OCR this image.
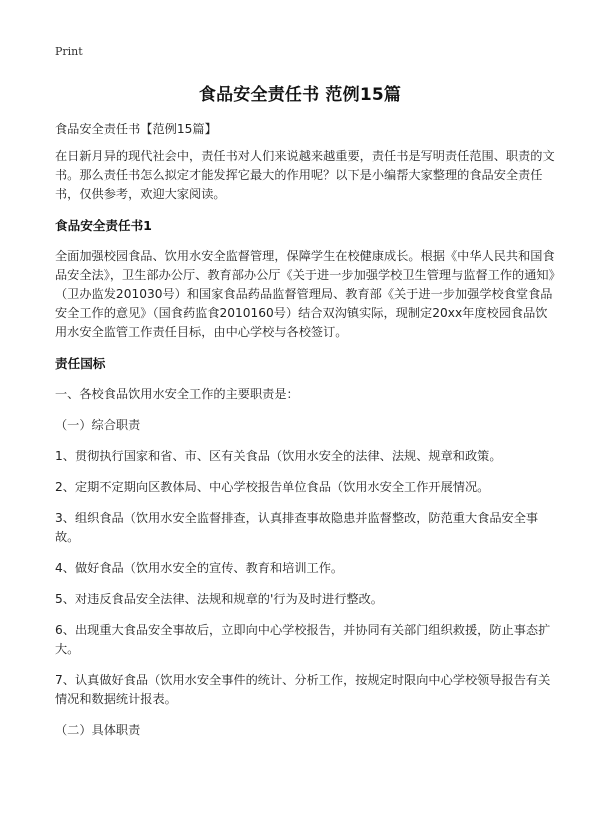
Print
食品安全责任书 范例15篇

食品安全责任书【范例15篇】

在日新月异的现代社会中，责任书对人们来说越来越重要，责任书是写明责任范围、职责的文书。那么责任书怎么拟定才能发挥它最大的作用呢？以下是小编帮大家整理的食品安全责任书，仅供参考，欢迎大家阅读。

食品安全责任书1

全面加强校园食品、饮用水安全监督管理，保障学生在校健康成长。根据《中华人民共和国食品安全法》，卫生部办公厅、教育部办公厅《关于进一步加强学校卫生管理与监督工作的通知》（卫办监发201030号）和国家食品药品监督管理局、教育部《关于进一步加强学校食堂食品安全工作的意见》（国食药监食2010160号）结合双沟镇实际，现制定20xx年度校园食品饮用水安全监管工作责任目标，由中心学校与各校签订。

责任国标

一、各校食品饮用水安全工作的主要职责是：

（一）综合职责

1、贯彻执行国家和省、市、区有关食品（饮用水安全的法律、法规、规章和政策。

2、定期不定期向区教体局、中心学校报告单位食品（饮用水安全工作开展情况。

3、组织食品（饮用水安全监督排查，认真排查事故隐患并监督整改，防范重大食品安全事故。

4、做好食品（饮用水安全的宣传、教育和培训工作。

5、对违反食品安全法律、法规和规章的'行为及时进行整改。

6、出现重大食品安全事故后，立即向中心学校报告，并协同有关部门组织救援，防止事态扩大。

7、认真做好食品（饮用水安全事件的统计、分析工作，按规定时限向中心学校领导报告有关情况和数据统计报表。

（二）具体职责
